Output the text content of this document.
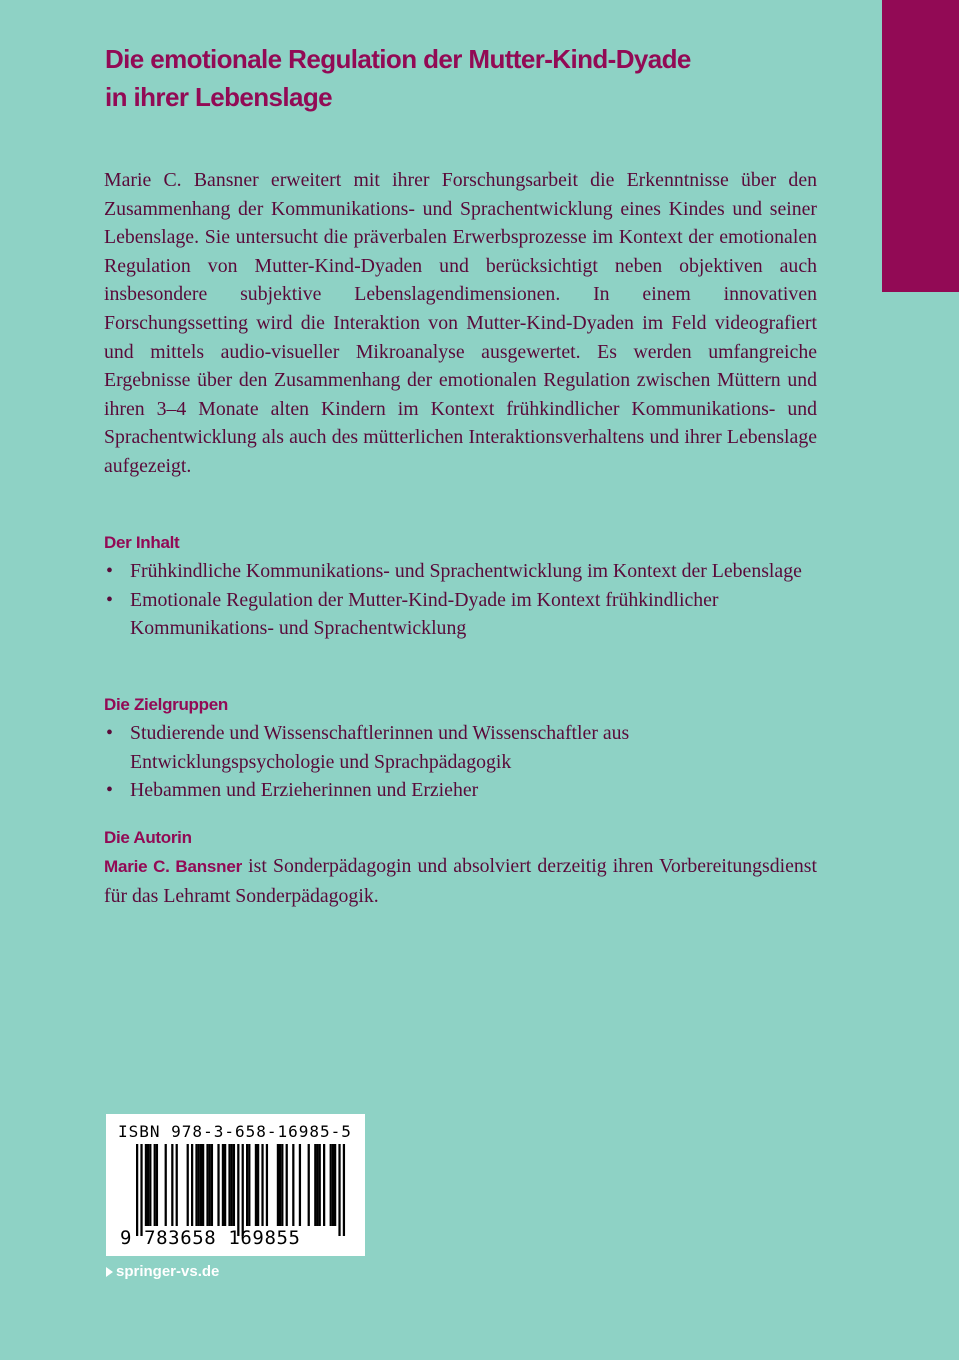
Die emotionale Regulation der Mutter-Kind-Dyade
in ihrer Lebenslage
Marie C. Bansner erweitert mit ihrer Forschungsarbeit die Erkenntnisse über den Zusammenhang der Kommunikations- und Sprachentwicklung eines Kindes und seiner Lebenslage. Sie untersucht die präverbalen Erwerbsprozesse im Kontext der emotionalen Regulation von Mutter-Kind-Dyaden und berücksichtigt neben objektiven auch insbesondere subjektive Lebenslagendimensionen. In einem innovativen Forschungssetting wird die Interaktion von Mutter-Kind-Dyaden im Feld videografiert und mittels audio-visueller Mikroanalyse ausgewertet. Es werden umfangreiche Ergebnisse über den Zusammenhang der emotionalen Regulation zwischen Müttern und ihren 3–4 Monate alten Kindern im Kontext frühkindlicher Kommunikations- und Sprachentwicklung als auch des mütterlichen Interaktionsverhaltens und ihrer Lebenslage aufgezeigt.
Der Inhalt
• Frühkindliche Kommunikations- und Sprachentwicklung im Kontext der Lebenslage
• Emotionale Regulation der Mutter-Kind-Dyade im Kontext frühkindlicher Kommunikations- und Sprachentwicklung
Die Zielgruppen
• Studierende und Wissenschaftlerinnen und Wissenschaftler aus Entwicklungspsychologie und Sprachpädagogik
• Hebammen und Erzieherinnen und Erzieher
Die Autorin
Marie C. Bansner ist Sonderpädagogin und absolviert derzeitig ihren Vorbereitungsdienst für das Lehramt Sonderpädagogik.
ISBN 978-3-658-16985-5
9 783658 169855
springer-vs.de
